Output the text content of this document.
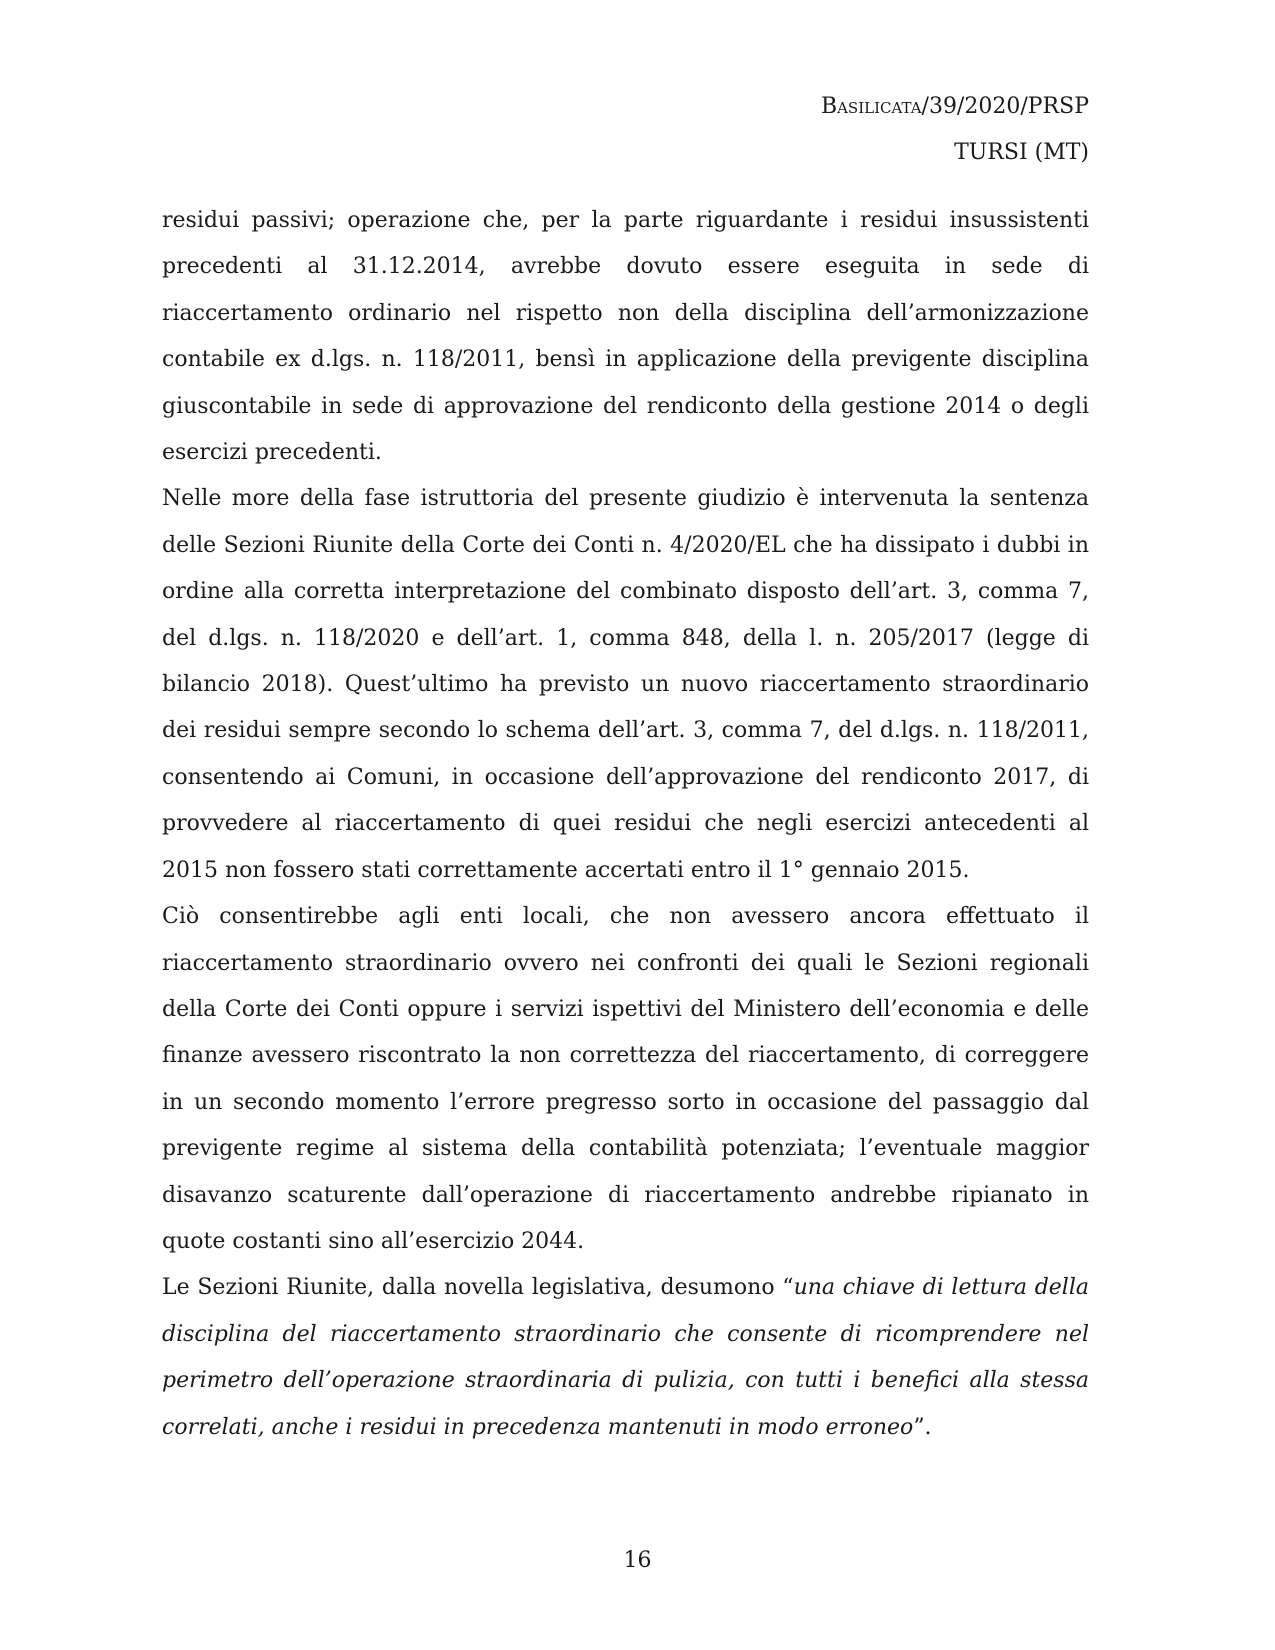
Basilicata/39/2020/PRSP
TURSI (MT)

residui passivi; operazione che, per la parte riguardante i residui insussistenti precedenti al 31.12.2014, avrebbe dovuto essere eseguita in sede di riaccertamento ordinario nel rispetto non della disciplina dell’armonizzazione contabile ex d.lgs. n. 118/2011, bensì in applicazione della previgente disciplina giuscontabile in sede di approvazione del rendiconto della gestione 2014 o degli esercizi precedenti.

Nelle more della fase istruttoria del presente giudizio è intervenuta la sentenza delle Sezioni Riunite della Corte dei Conti n. 4/2020/EL che ha dissipato i dubbi in ordine alla corretta interpretazione del combinato disposto dell’art. 3, comma 7, del d.lgs. n. 118/2020 e dell’art. 1, comma 848, della l. n. 205/2017 (legge di bilancio 2018). Quest’ultimo ha previsto un nuovo riaccertamento straordinario dei residui sempre secondo lo schema dell’art. 3, comma 7, del d.lgs. n. 118/2011, consentendo ai Comuni, in occasione dell’approvazione del rendiconto 2017, di provvedere al riaccertamento di quei residui che negli esercizi antecedenti al 2015 non fossero stati correttamente accertati entro il 1° gennaio 2015.

Ciò consentirebbe agli enti locali, che non avessero ancora effettuato il riaccertamento straordinario ovvero nei confronti dei quali le Sezioni regionali della Corte dei Conti oppure i servizi ispettivi del Ministero dell’economia e delle finanze avessero riscontrato la non correttezza del riaccertamento, di correggere in un secondo momento l’errore pregresso sorto in occasione del passaggio dal previgente regime al sistema della contabilità potenziata; l’eventuale maggior disavanzo scaturente dall’operazione di riaccertamento andrebbe ripianato in quote costanti sino all’esercizio 2044.

Le Sezioni Riunite, dalla novella legislativa, desumono “una chiave di lettura della disciplina del riaccertamento straordinario che consente di ricomprendere nel perimetro dell’operazione straordinaria di pulizia, con tutti i benefici alla stessa correlati, anche i residui in precedenza mantenuti in modo erroneo”.

16
